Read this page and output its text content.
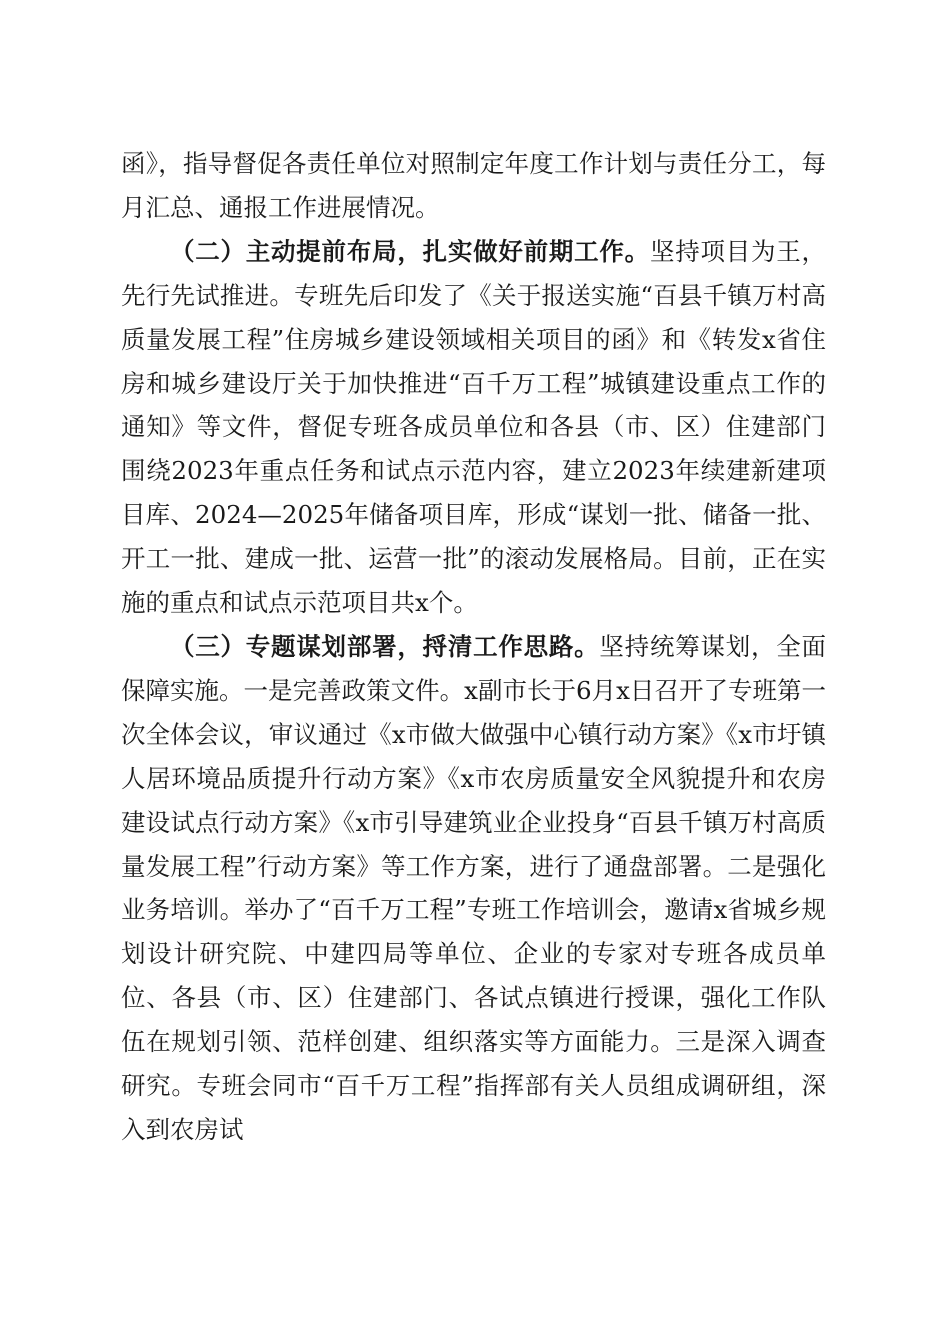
函》，指导督促各责任单位对照制定年度工作计划与责任分工，每月汇总、通报工作进展情况。

（二）主动提前布局，扎实做好前期工作。坚持项目为王，先行先试推进。专班先后印发了《关于报送实施“百县千镇万村高质量发展工程”住房城乡建设领域相关项目的函》和《转发x省住房和城乡建设厅关于加快推进“百千万工程”城镇建设重点工作的通知》等文件，督促专班各成员单位和各县（市、区）住建部门围绕2023年重点任务和试点示范内容，建立2023年续建新建项目库、2024—2025年储备项目库，形成“谋划一批、储备一批、开工一批、建成一批、运营一批”的滚动发展格局。目前，正在实施的重点和试点示范项目共x个。

（三）专题谋划部署，捋清工作思路。坚持统筹谋划，全面保障实施。一是完善政策文件。x副市长于6月x日召开了专班第一次全体会议，审议通过《x市做大做强中心镇行动方案》《x市圩镇人居环境品质提升行动方案》《x市农房质量安全风貌提升和农房建设试点行动方案》《x市引导建筑业企业投身“百县千镇万村高质量发展工程”行动方案》等工作方案，进行了通盘部署。二是强化业务培训。举办了“百千万工程”专班工作培训会，邀请x省城乡规划设计研究院、中建四局等单位、企业的专家对专班各成员单位、各县（市、区）住建部门、各试点镇进行授课，强化工作队伍在规划引领、范样创建、组织落实等方面能力。三是深入调查研究。专班会同市“百千万工程”指挥部有关人员组成调研组，深入到农房试
